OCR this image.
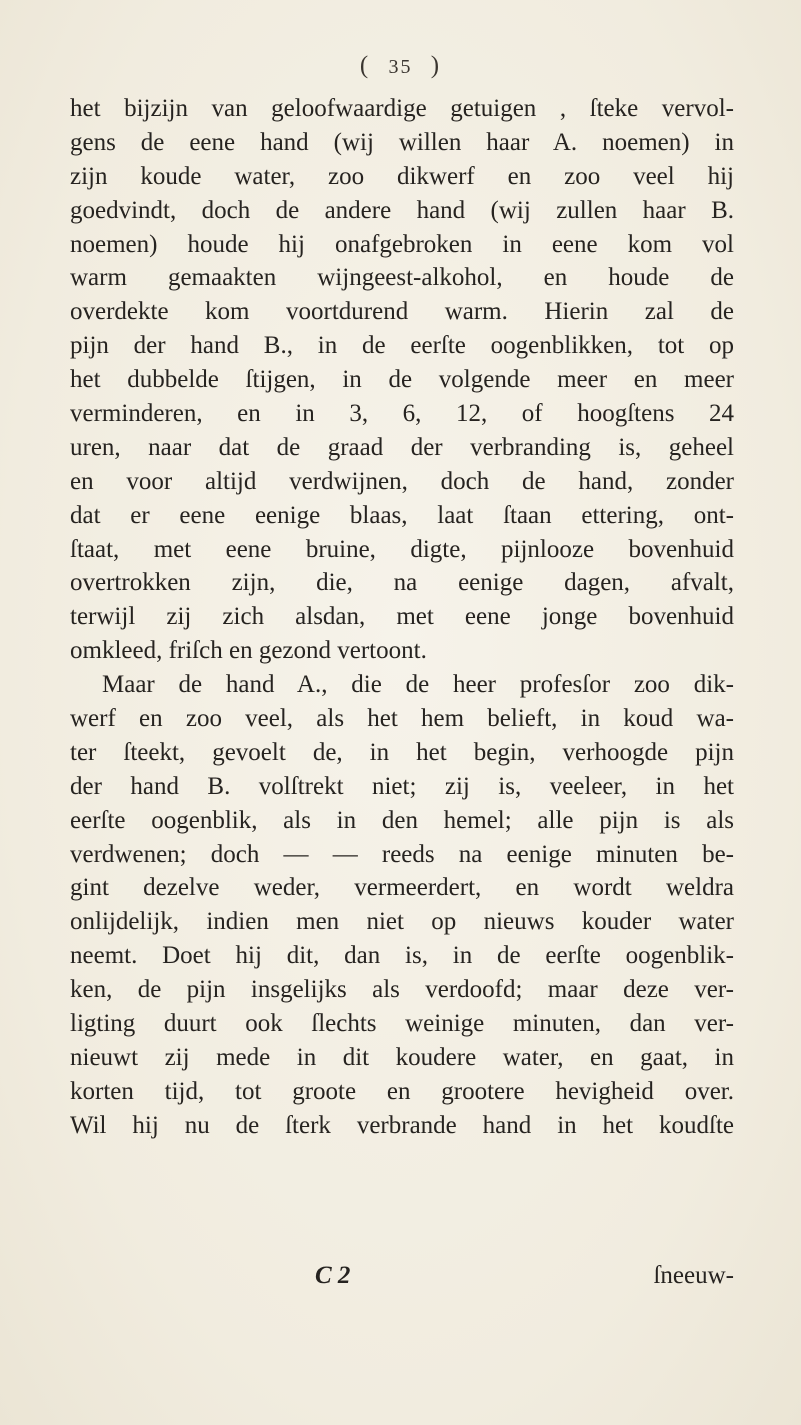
( 35 )
het bijzijn van geloofwaardige getuigen , ſteke vervol-
gens de eene hand (wij willen haar A. noemen) in
zijn koude water, zoo dikwerf en zoo veel hij
goedvindt, doch de andere hand (wij zullen haar B.
noemen) houde hij onafgebroken in eene kom vol
warm gemaakten wijngeest-alkohol, en houde de
overdekte kom voortdurend warm. Hierin zal de
pijn der hand B., in de eerſte oogenblikken, tot op
het dubbelde ſtijgen, in de volgende meer en meer
verminderen, en in 3, 6, 12, of hoogſtens 24
uren, naar dat de graad der verbranding is, geheel
en voor altijd verdwijnen, doch de hand, zonder
dat er eene eenige blaas, laat ſtaan ettering, ont-
ſtaat, met eene bruine, digte, pijnlooze bovenhuid
overtrokken zijn, die, na eenige dagen, afvalt,
terwijl zij zich alsdan, met eene jonge bovenhuid
omkleed, friſch en gezond vertoont.
Maar de hand A., die de heer profesſor zoo dik-
werf en zoo veel, als het hem belieft, in koud wa-
ter ſteekt, gevoelt de, in het begin, verhoogde pijn
der hand B. volſtrekt niet; zij is, veeleer, in het
eerſte oogenblik, als in den hemel; alle pijn is als
verdwenen; doch — — reeds na eenige minuten be-
gint dezelve weder, vermeerdert, en wordt weldra
onlijdelijk, indien men niet op nieuws kouder water
neemt. Doet hij dit, dan is, in de eerſte oogenblik-
ken, de pijn insgelijks als verdoofd; maar deze ver-
ligting duurt ook ſlechts weinige minuten, dan ver-
nieuwt zij mede in dit koudere water, en gaat, in
korten tijd, tot groote en grootere hevigheid over.
Wil hij nu de ſterk verbrande hand in het koudſte
C 2	ſneeuw-
